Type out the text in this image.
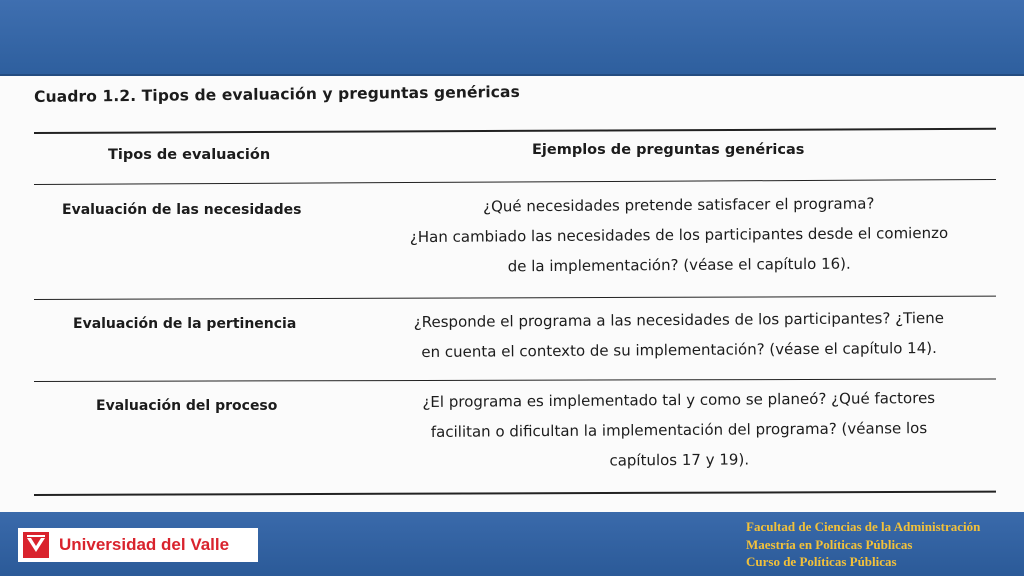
Cuadro 1.2. Tipos de evaluación y preguntas genéricas
Tipos de evaluación	Ejemplos de preguntas genéricas
Evaluación de las necesidades	¿Qué necesidades pretende satisfacer el programa?
¿Han cambiado las necesidades de los participantes desde el comienzo
de la implementación? (véase el capítulo 16).
Evaluación de la pertinencia	¿Responde el programa a las necesidades de los participantes? ¿Tiene
en cuenta el contexto de su implementación? (véase el capítulo 14).
Evaluación del proceso	¿El programa es implementado tal y como se planeó? ¿Qué factores
facilitan o dificultan la implementación del programa? (véanse los
capítulos 17 y 19).
Universidad del Valle
Facultad de Ciencias de la Administración
Maestría en Políticas Públicas
Curso de Políticas Públicas
